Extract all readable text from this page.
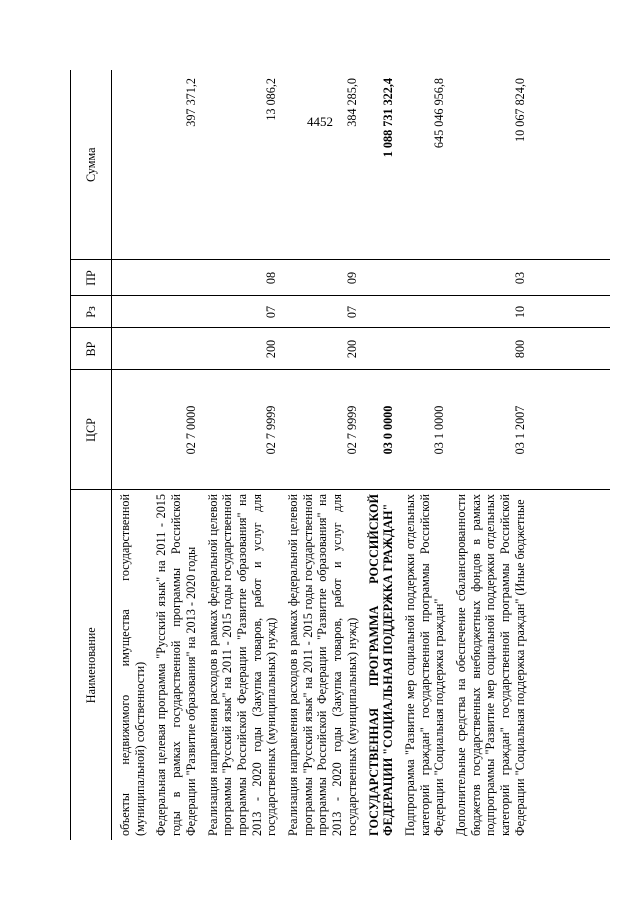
4452
Наименование	ЦСР	ВР	Рз	ПР	Сумма
объекты недвижимого имущества государственной (муниципальной) собственности)					
Федеральная целевая программа "Русский язык" на 2011 - 2015 годы в рамках государственной программы Российской Федерации "Развитие образования" на 2013 - 2020 годы	02 7 0000				397 371,2
Реализация направления расходов в рамках федеральной целевой программы "Русский язык" на 2011 - 2015 годы государственной программы Российской Федерации "Развитие образования" на 2013 - 2020 годы (Закупка товаров, работ и услуг для государственных (муниципальных) нужд)	02 7 9999	200	07	08	13 086,2
Реализация направления расходов в рамках федеральной целевой программы "Русский язык" на 2011 - 2015 годы государственной программы Российской Федерации "Развитие образования" на 2013 - 2020 годы (Закупка товаров, работ и услуг для государственных (муниципальных) нужд)	02 7 9999	200	07	09	384 285,0
ГОСУДАРСТВЕННАЯ ПРОГРАММА РОССИЙСКОЙ ФЕДЕРАЦИИ "СОЦИАЛЬНАЯ ПОДДЕРЖКА ГРАЖДАН"	03 0 0000				1 088 731 322,4
Подпрограмма "Развитие мер социальной поддержки отдельных категорий граждан" государственной программы Российской Федерации "Социальная поддержка граждан"	03 1 0000				645 046 956,8
Дополнительные средства на обеспечение сбалансированности бюджетов государственных внебюджетных фондов в рамках подпрограммы "Развитие мер социальной поддержки отдельных категорий граждан" государственной программы Российской Федерации "Социальная поддержка граждан" (Иные бюджетные	03 1 2007	800	10	03	10 067 824,0
